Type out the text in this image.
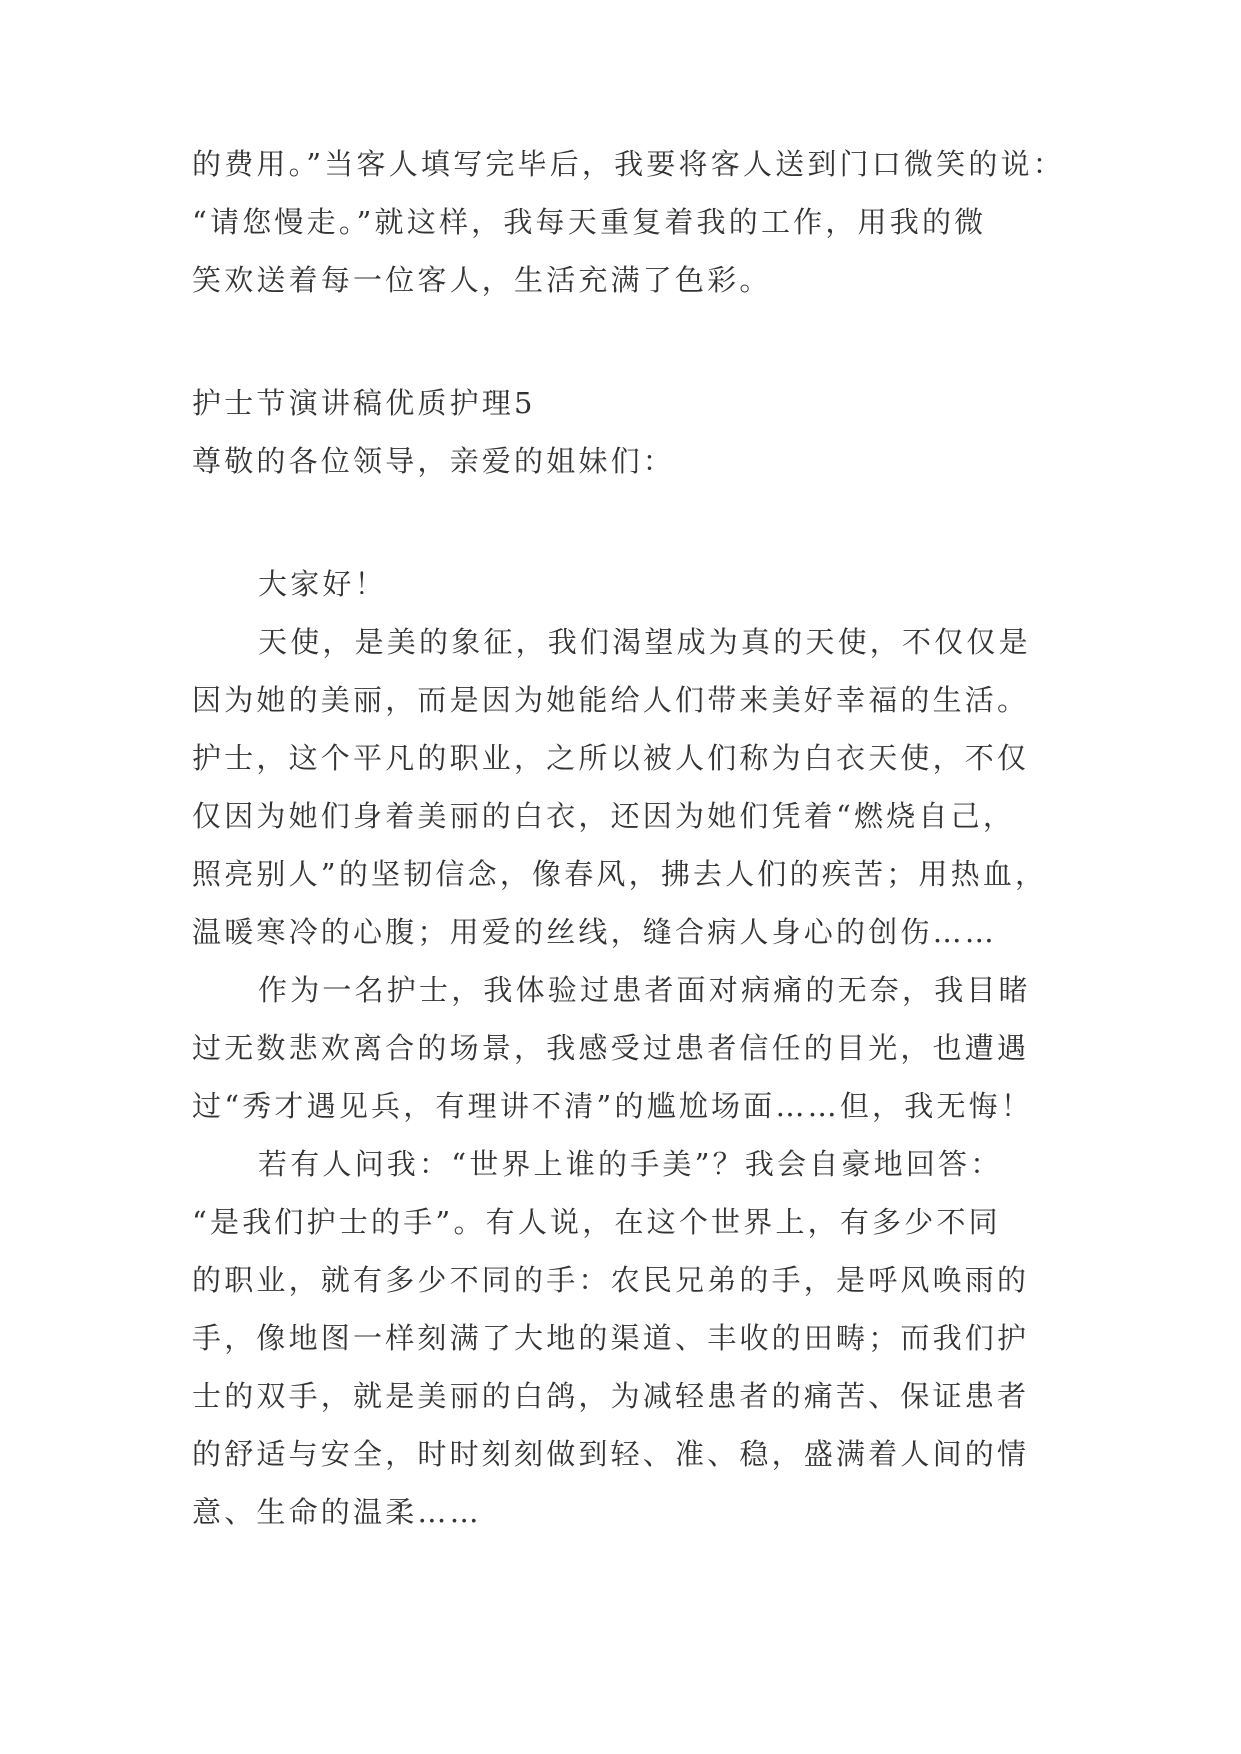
的费用。”当客人填写完毕后，我要将客人送到门口微笑的说：
“请您慢走。”就这样，我每天重复着我的工作，用我的微
笑欢送着每一位客人，生活充满了色彩。
护士节演讲稿优质护理5
尊敬的各位领导，亲爱的姐妹们：
大家好！
天使，是美的象征，我们渴望成为真的天使，不仅仅是
因为她的美丽，而是因为她能给人们带来美好幸福的生活。
护士，这个平凡的职业，之所以被人们称为白衣天使，不仅
仅因为她们身着美丽的白衣，还因为她们凭着“燃烧自己，
照亮别人”的坚韧信念，像春风，拂去人们的疾苦；用热血，
温暖寒冷的心腹；用爱的丝线，缝合病人身心的创伤……
作为一名护士，我体验过患者面对病痛的无奈，我目睹
过无数悲欢离合的场景，我感受过患者信任的目光，也遭遇
过“秀才遇见兵，有理讲不清”的尴尬场面……但，我无悔！
若有人问我：“世界上谁的手美”？我会自豪地回答：
“是我们护士的手”。有人说，在这个世界上，有多少不同
的职业，就有多少不同的手：农民兄弟的手，是呼风唤雨的
手，像地图一样刻满了大地的渠道、丰收的田畴；而我们护
士的双手，就是美丽的白鸽，为减轻患者的痛苦、保证患者
的舒适与安全，时时刻刻做到轻、准、稳，盛满着人间的情
意、生命的温柔……
